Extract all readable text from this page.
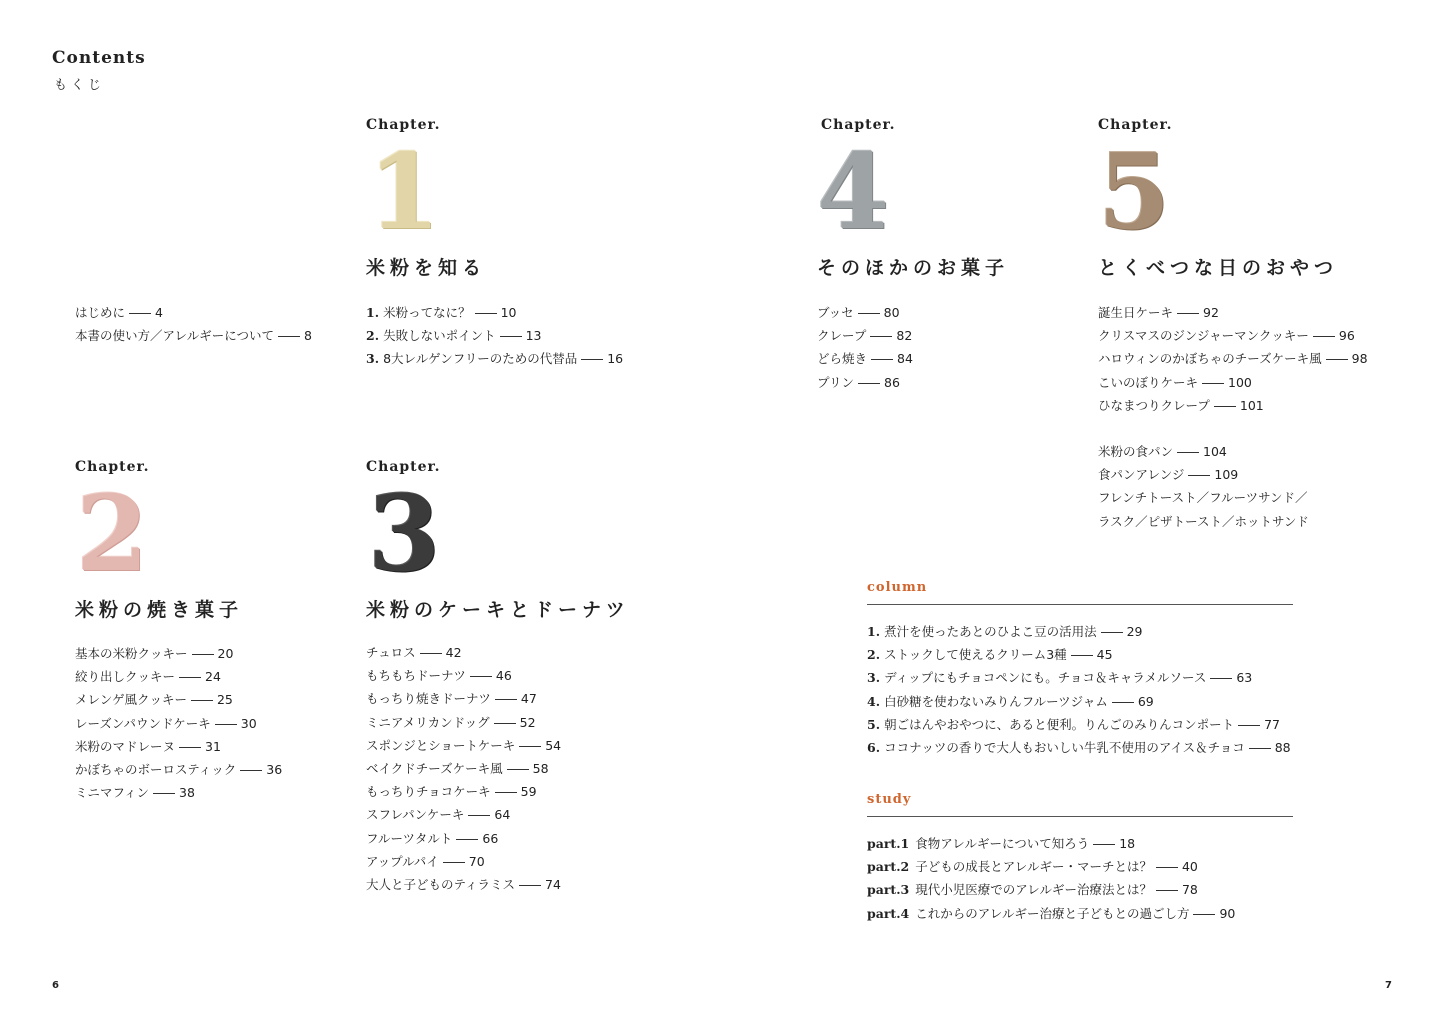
Contents
もくじ
はじめに 4
本書の使い方／アレルギーについて 8
Chapter.
1
米粉を知る
1. 米粉ってなに？ 10
2. 失敗しないポイント 13
3. 8大レルゲンフリーのための代替品 16
Chapter.
2
米粉の焼き菓子
基本の米粉クッキー 20
絞り出しクッキー 24
メレンゲ風クッキー 25
レーズンパウンドケーキ 30
米粉のマドレーヌ 31
かぼちゃのボーロスティック 36
ミニマフィン 38
Chapter.
3
米粉のケーキとドーナツ
チュロス 42
もちもちドーナツ 46
もっちり焼きドーナツ 47
ミニアメリカンドッグ 52
スポンジとショートケーキ 54
ベイクドチーズケーキ風 58
もっちりチョコケーキ 59
スフレパンケーキ 64
フルーツタルト 66
アップルパイ 70
大人と子どものティラミス 74
Chapter.
4
そのほかのお菓子
ブッセ 80
クレープ 82
どら焼き 84
プリン 86
Chapter.
5
とくべつな日のおやつ
誕生日ケーキ 92
クリスマスのジンジャーマンクッキー 96
ハロウィンのかぼちゃのチーズケーキ風 98
こいのぼりケーキ 100
ひなまつりクレープ 101
米粉の食パン 104
食パンアレンジ 109
フレンチトースト／フルーツサンド／
ラスク／ピザトースト／ホットサンド
column
1. 煮汁を使ったあとのひよこ豆の活用法 29
2. ストックして使えるクリーム3種 45
3. ディップにもチョコペンにも。チョコ＆キャラメルソース 63
4. 白砂糖を使わないみりんフルーツジャム 69
5. 朝ごはんやおやつに、あると便利。りんごのみりんコンポート 77
6. ココナッツの香りで大人もおいしい牛乳不使用のアイス＆チョコ 88
study
part.1 食物アレルギーについて知ろう 18
part.2 子どもの成長とアレルギー・マーチとは？ 40
part.3 現代小児医療でのアレルギー治療法とは？ 78
part.4 これからのアレルギー治療と子どもとの過ごし方 90
6	7
